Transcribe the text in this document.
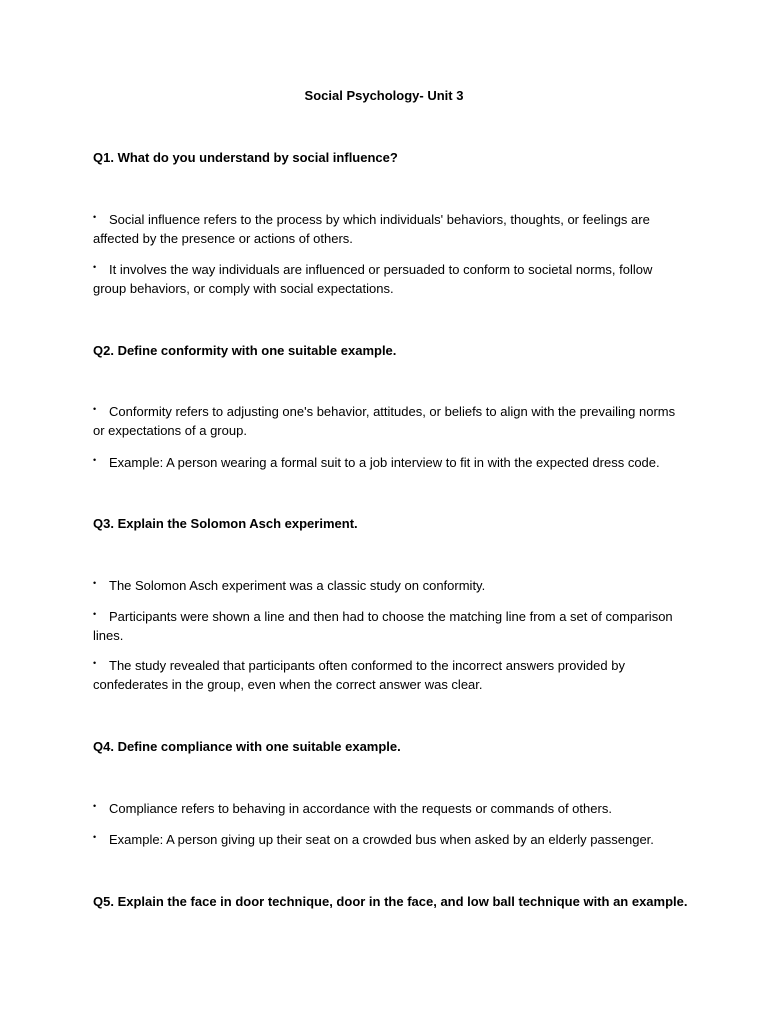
Social Psychology- Unit 3
Q1. What do you understand by social influence?
• Social influence refers to the process by which individuals' behaviors, thoughts, or feelings are affected by the presence or actions of others.
• It involves the way individuals are influenced or persuaded to conform to societal norms, follow group behaviors, or comply with social expectations.
Q2. Define conformity with one suitable example.
• Conformity refers to adjusting one's behavior, attitudes, or beliefs to align with the prevailing norms or expectations of a group.
• Example: A person wearing a formal suit to a job interview to fit in with the expected dress code.
Q3. Explain the Solomon Asch experiment.
• The Solomon Asch experiment was a classic study on conformity.
• Participants were shown a line and then had to choose the matching line from a set of comparison lines.
• The study revealed that participants often conformed to the incorrect answers provided by confederates in the group, even when the correct answer was clear.
Q4. Define compliance with one suitable example.
• Compliance refers to behaving in accordance with the requests or commands of others.
• Example: A person giving up their seat on a crowded bus when asked by an elderly passenger.
Q5. Explain the face in door technique, door in the face, and low ball technique with an example.
